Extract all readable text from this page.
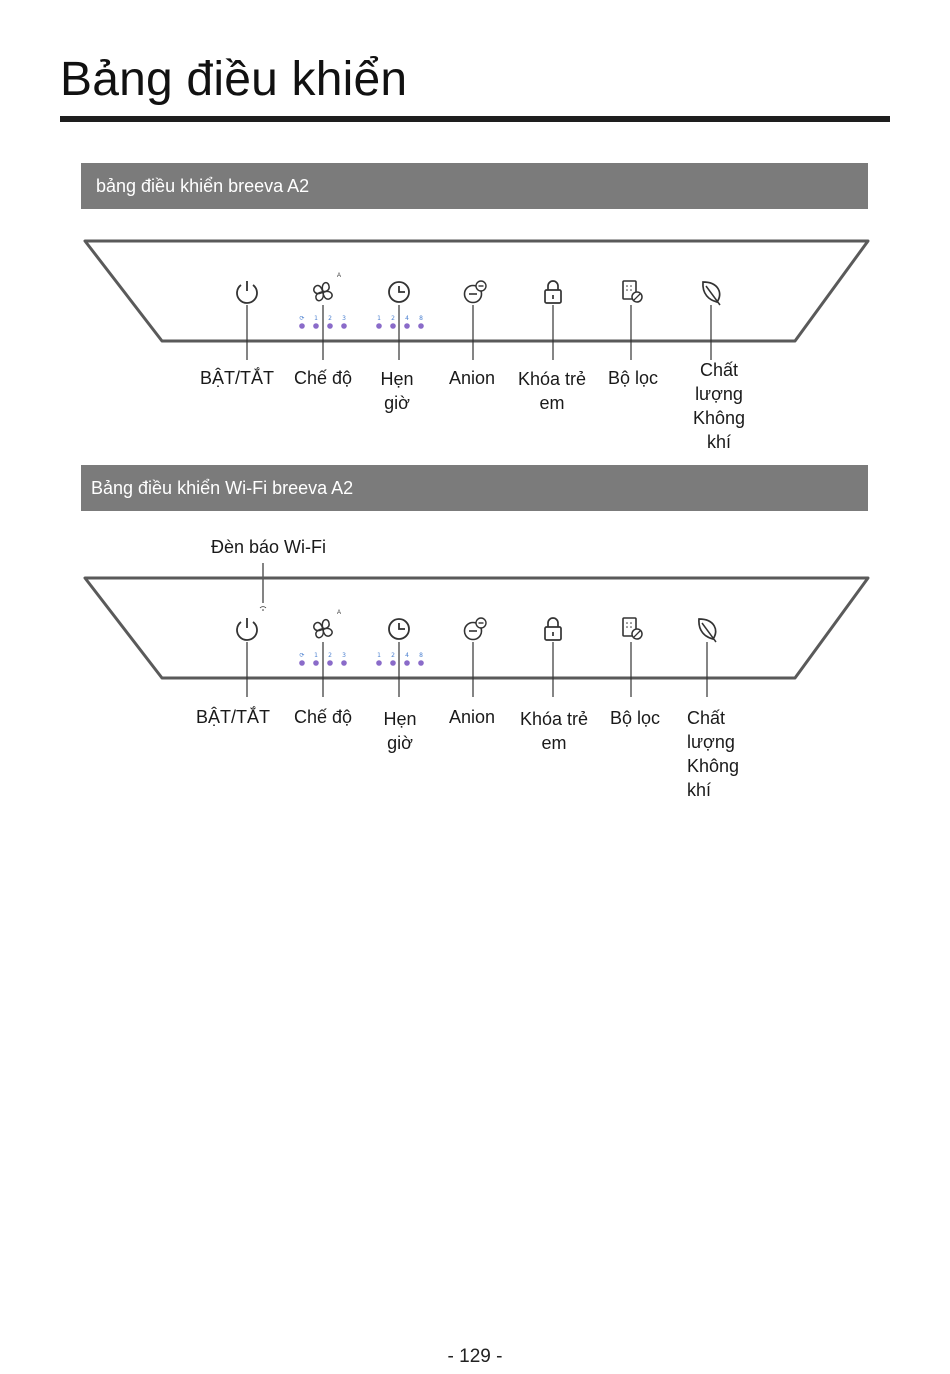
Bảng điều khiển
bảng điều khiển breeva A2
A
⟳ 1 2 3	1 2 4 8
BẬT/TẮT Chế độ Hẹn
giờ
Anion Khóa trẻ
em
Bộ lọc	Chất
lượng
Không
khí
Bảng điều khiển Wi-Fi breeva A2
Đèn báo Wi-Fi
A
⟳ 1 2 3	1 2 4 8
BẬT/TẮT Chế độ Hẹn
giờ
Anion Khóa trẻ
em
Bộ lọc Chất
lượng
Không
khí
- 129 -
